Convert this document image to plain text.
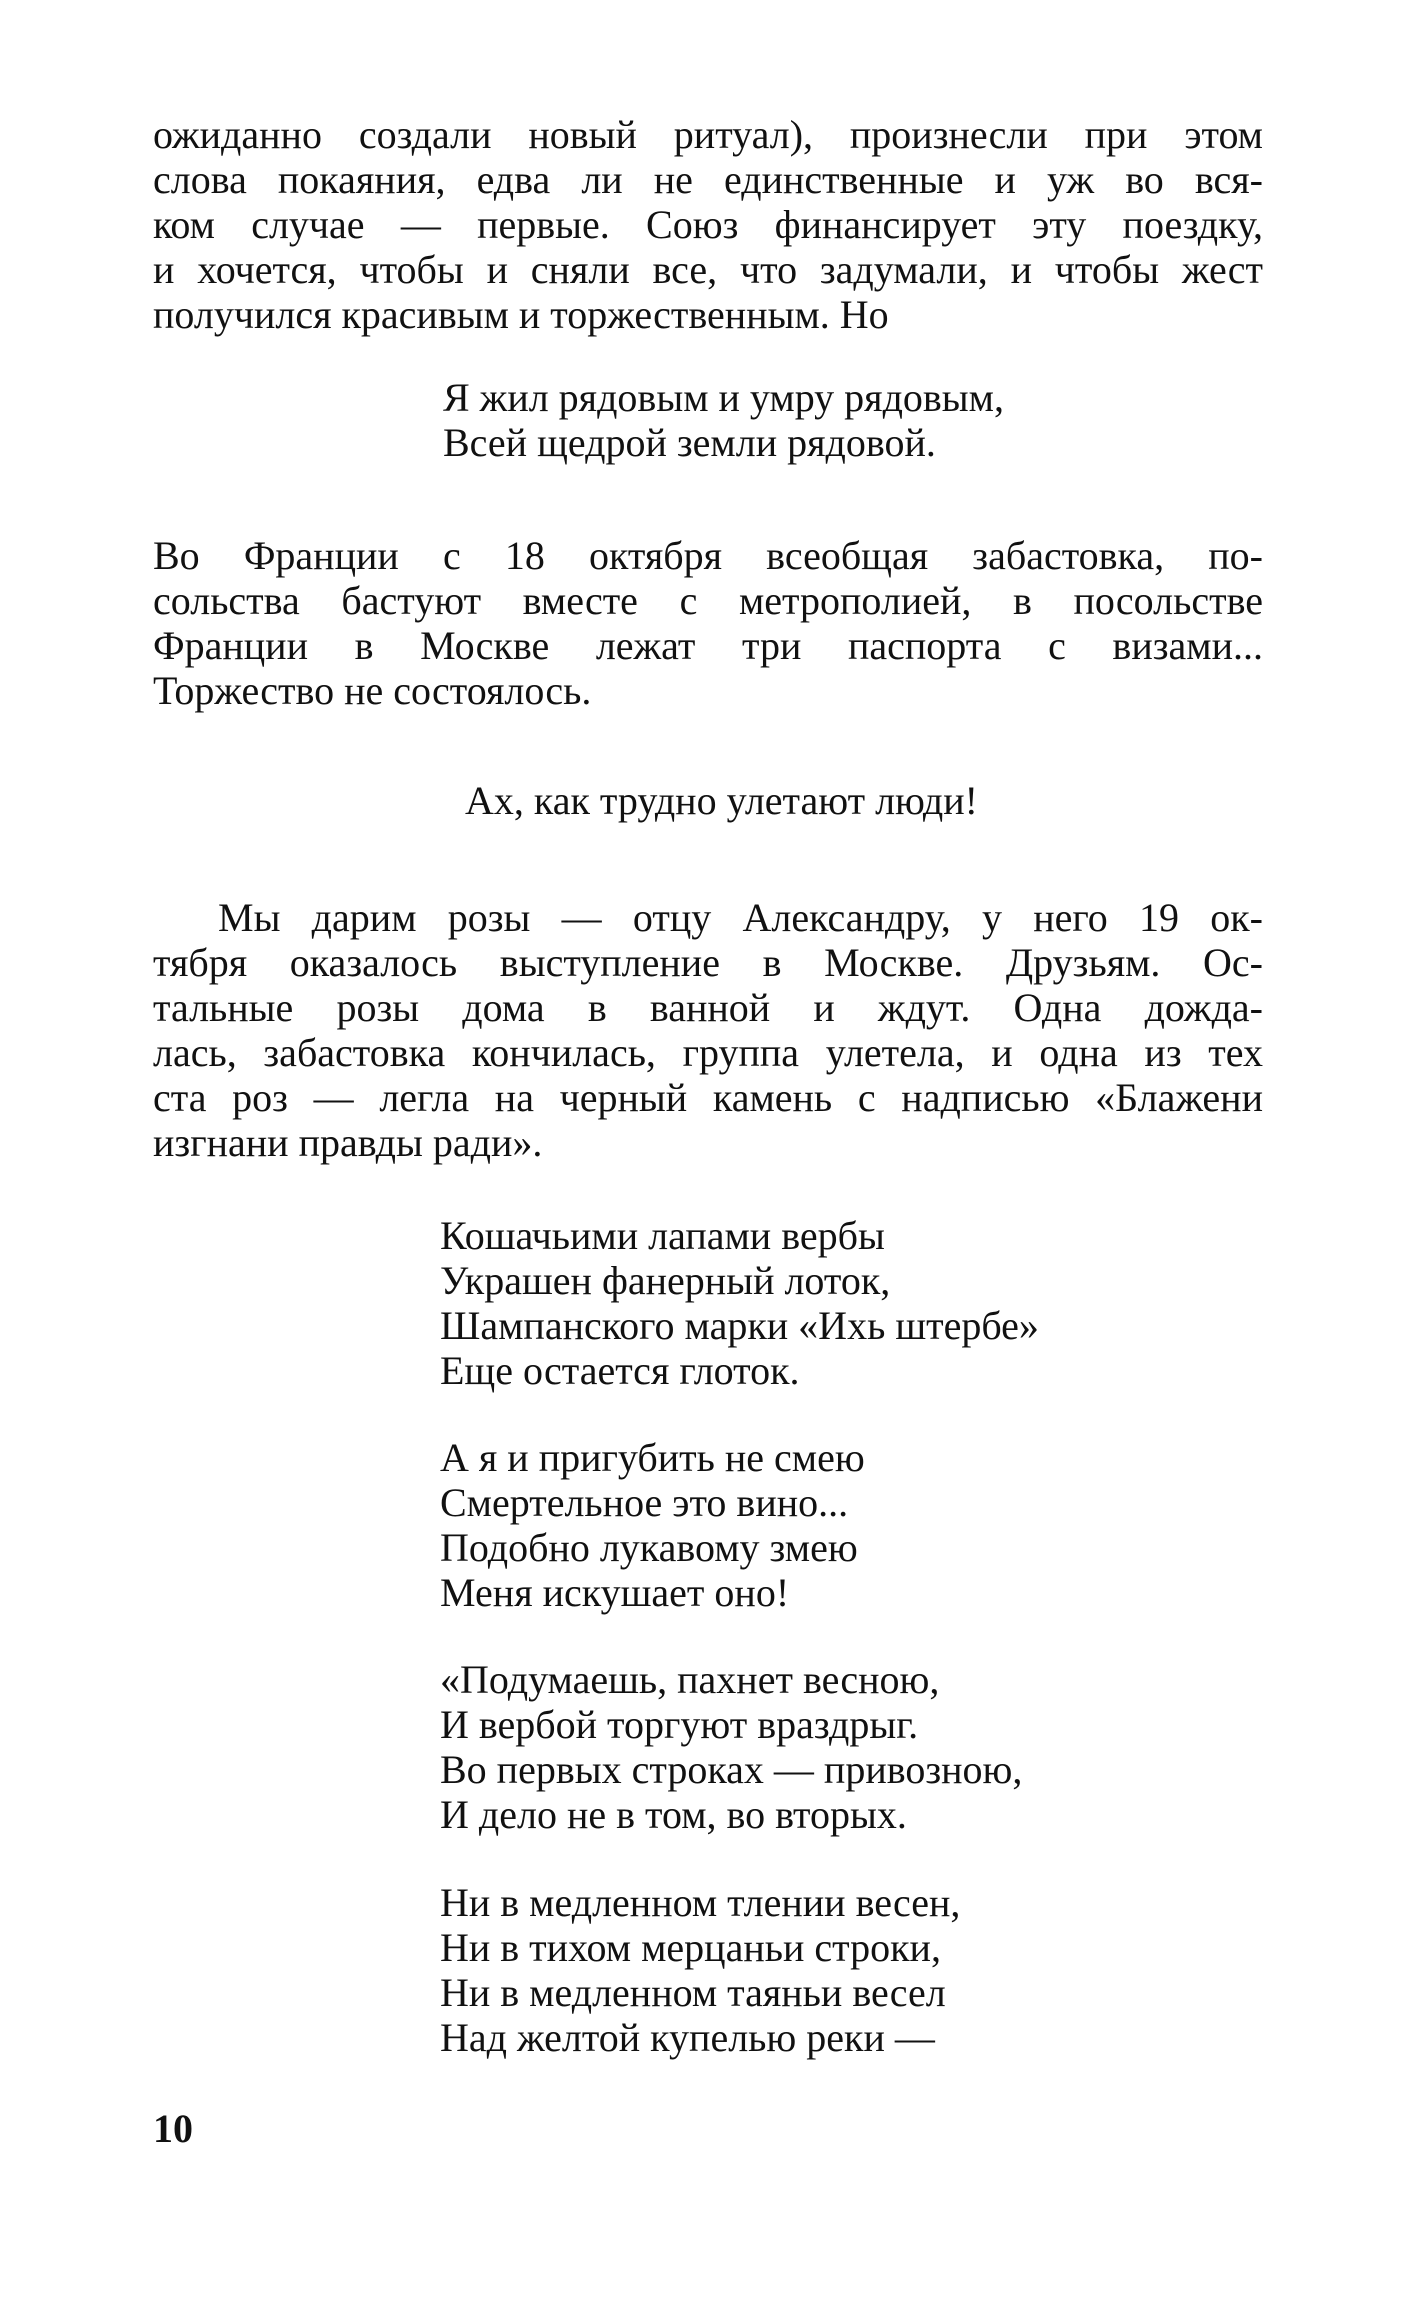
ожиданно создали новый ритуал), произнесли при этом
слова покаяния, едва ли не единственные и уж во вся-
ком случае — первые. Союз финансирует эту поездку,
и хочется, чтобы и сняли все, что задумали, и чтобы жест
получился красивым и торжественным. Но
Я жил рядовым и умру рядовым,
Всей щедрой земли рядовой.
Во Франции с 18 октября всеобщая забастовка, по-
сольства бастуют вместе с метрополией, в посольстве
Франции в Москве лежат три паспорта с визами...
Торжество не состоялось.
Ах, как трудно улетают люди!
Мы дарим розы — отцу Александру, у него 19 ок-
тября оказалось выступление в Москве. Друзьям. Ос-
тальные розы дома в ванной и ждут. Одна дожда-
лась, забастовка кончилась, группа улетела, и одна из тех
ста роз — легла на черный камень с надписью «Блажени
изгнани правды ради».
Кошачьими лапами вербы
Украшен фанерный лоток,
Шампанского марки «Ихь штербе»
Еще остается глоток.
А я и пригубить не смею
Смертельное это вино...
Подобно лукавому змею
Меня искушает оно!
«Подумаешь, пахнет весною,
И вербой торгуют враздрыг.
Во первых строках — привозною,
И дело не в том, во вторых.
Ни в медленном тлении весен,
Ни в тихом мерцаньи строки,
Ни в медленном таяньи весел
Над желтой купелью реки —
10
